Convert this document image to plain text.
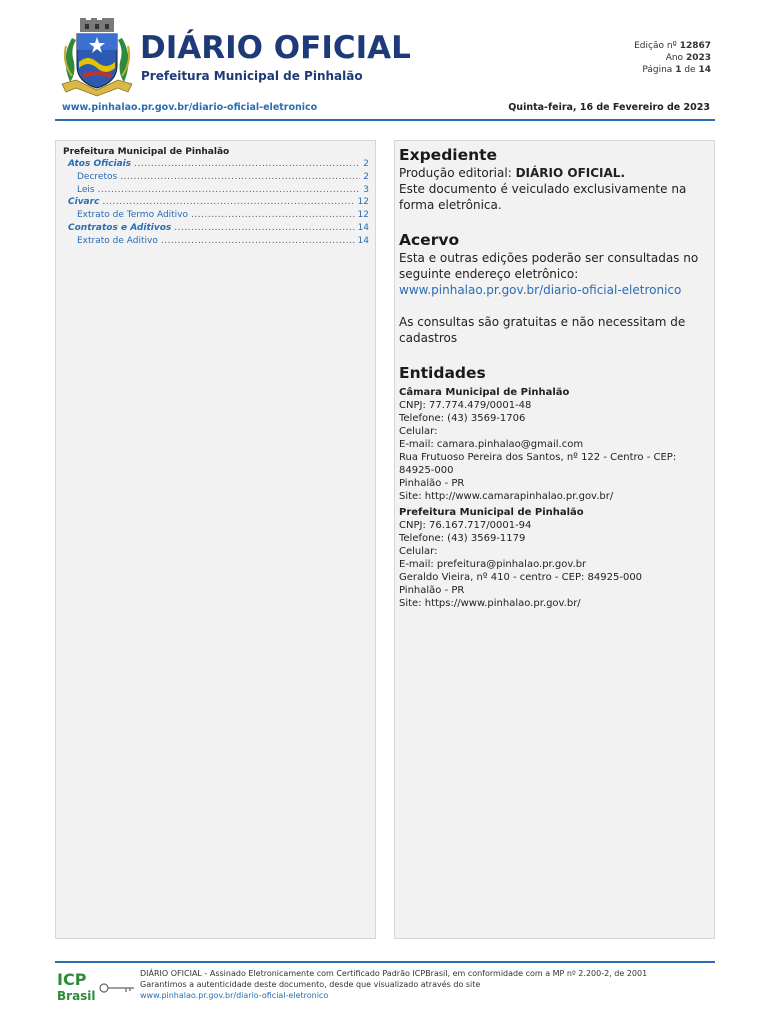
DIÁRIO OFICIAL
Prefeitura Municipal de Pinhalão
Edição nº 12867
Ano 2023
Página 1 de 14
www.pinhalao.pr.gov.br/diario-oficial-eletronico	Quinta-feira, 16 de Fevereiro de 2023
Prefeitura Municipal de Pinhalão
Atos Oficiais .....	2
Decretos .....	2
Leis .....	3
Civarc .....	12
Extrato de Termo Aditivo .....	12
Contratos e Aditivos .....	14
Extrato de Aditivo .....	14
Expediente

Produção editorial: DIÁRIO OFICIAL.

Este documento é veiculado exclusivamente na forma eletrônica.

Acervo

Esta e outras edições poderão ser consultadas no seguinte endereço eletrônico:

www.pinhalao.pr.gov.br/diario-oficial-eletronico

As consultas são gratuitas e não necessitam de cadastros

Entidades
Câmara Municipal de Pinhalão
CNPJ: 77.774.479/0001-48
Telefone: (43) 3569-1706
Celular:
E-mail: camara.pinhalao@gmail.com
Rua Frutuoso Pereira dos Santos, nº 122 - Centro - CEP: 84925-000
Pinhalão - PR
Site: http://www.camarapinhalao.pr.gov.br/
Prefeitura Municipal de Pinhalão
CNPJ: 76.167.717/0001-94
Telefone: (43) 3569-1179
Celular:
E-mail: prefeitura@pinhalao.pr.gov.br
Geraldo Vieira, nº 410 - centro - CEP: 84925-000
Pinhalão - PR
Site: https://www.pinhalao.pr.gov.br/
ICP
Brasil
DIÁRIO OFICIAL - Assinado Eletronicamente com Certificado Padrão ICPBrasil, em conformidade com a MP nº 2.200-2, de 2001
Garantimos a autenticidade deste documento, desde que visualizado através do site
www.pinhalao.pr.gov.br/diario-oficial-eletronico
